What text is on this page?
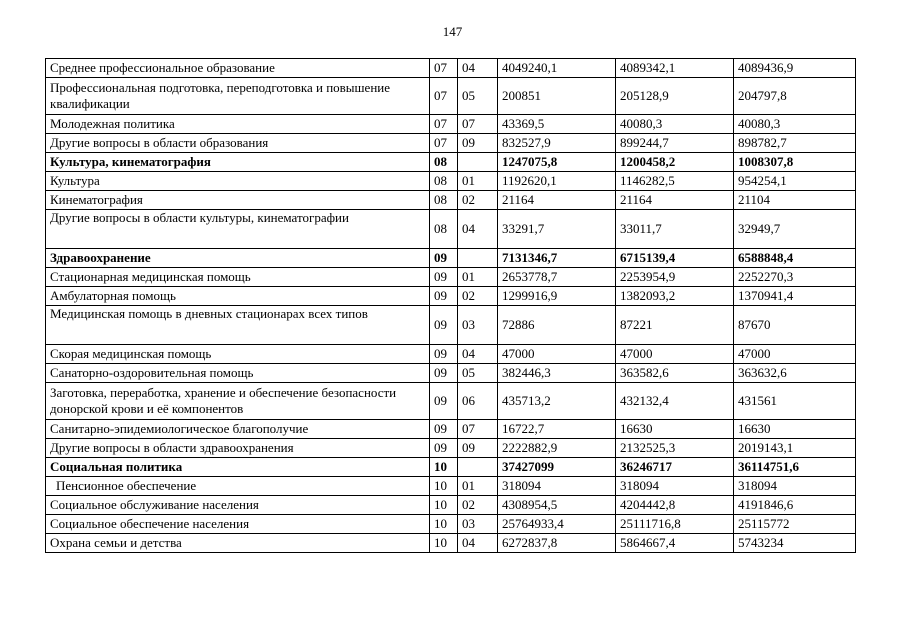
147
Среднее профессиональное образование	07	04	4049240,1	4089342,1	4089436,9
Профессиональная подготовка, переподготовка и повышение квалификации	07	05	200851	205128,9	204797,8
Молодежная политика	07	07	43369,5	40080,3	40080,3
Другие вопросы в области образования	07	09	832527,9	899244,7	898782,7
Культура, кинематография	08		1247075,8	1200458,2	1008307,8
Культура	08	01	1192620,1	1146282,5	954254,1
Кинематография	08	02	21164	21164	21104
Другие вопросы в области культуры, кинематографии	08	04	33291,7	33011,7	32949,7
Здравоохранение	09		7131346,7	6715139,4	6588848,4
Стационарная медицинская помощь	09	01	2653778,7	2253954,9	2252270,3
Амбулаторная помощь	09	02	1299916,9	1382093,2	1370941,4
Медицинская помощь в дневных стационарах всех типов	09	03	72886	87221	87670
Скорая медицинская помощь	09	04	47000	47000	47000
Санаторно-оздоровительная помощь	09	05	382446,3	363582,6	363632,6
Заготовка, переработка, хранение и обеспечение безопасности донорской крови и её компонентов	09	06	435713,2	432132,4	431561
Санитарно-эпидемиологическое благополучие	09	07	16722,7	16630	16630
Другие вопросы в области здравоохранения	09	09	2222882,9	2132525,3	2019143,1
Социальная политика	10		37427099	36246717	36114751,6
Пенсионное обеспечение	10	01	318094	318094	318094
Социальное обслуживание населения	10	02	4308954,5	4204442,8	4191846,6
Социальное обеспечение населения	10	03	25764933,4	25111716,8	25115772
Охрана семьи и детства	10	04	6272837,8	5864667,4	5743234
